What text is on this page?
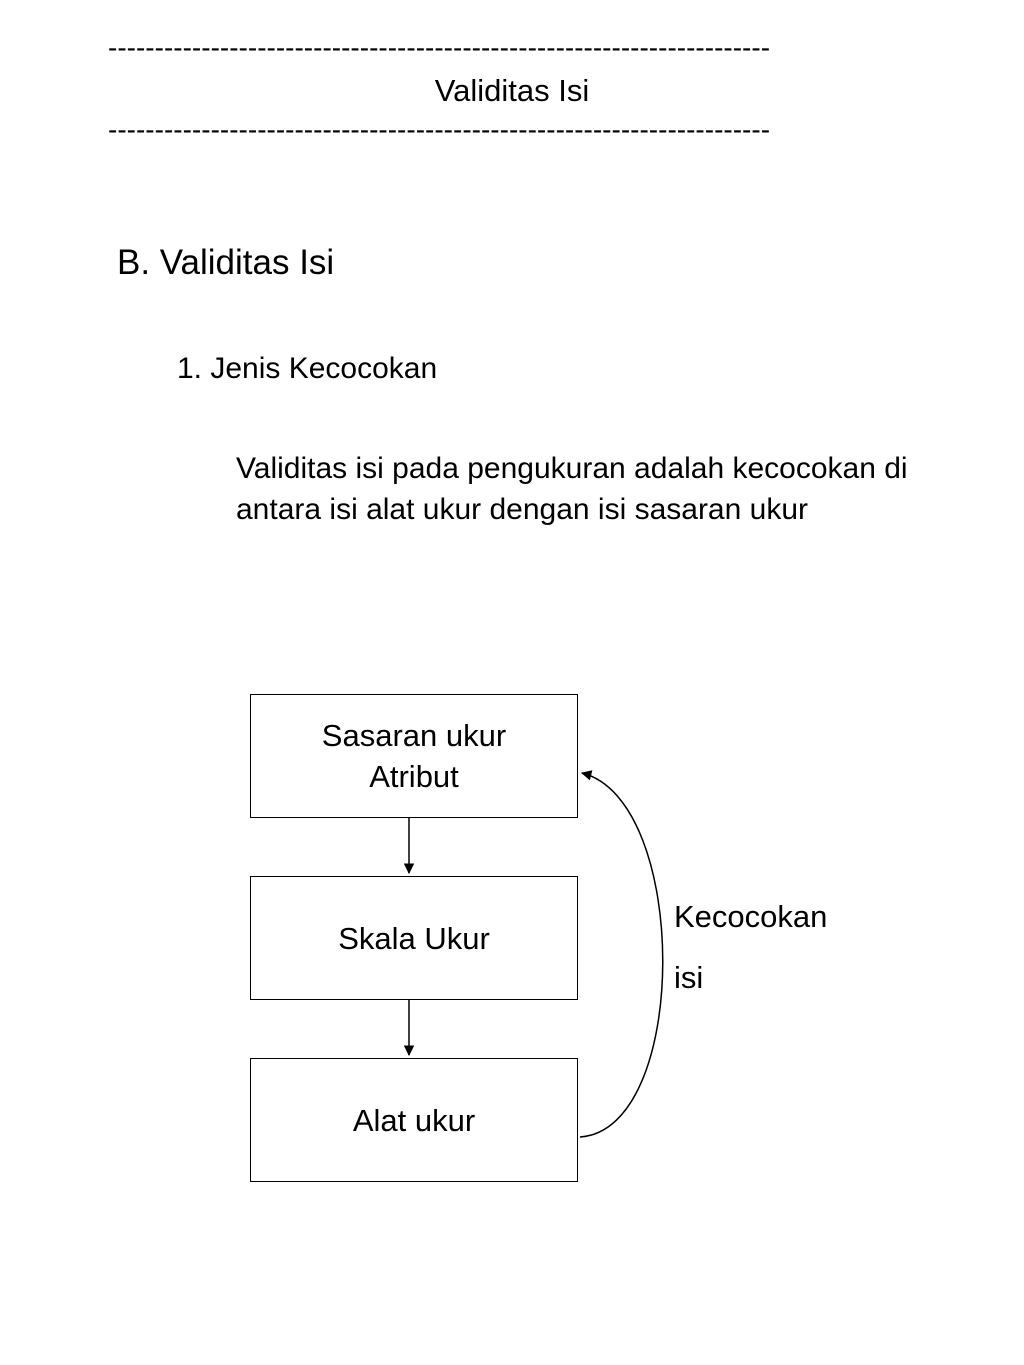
-----------------------------------------------------------------------
Validitas Isi
-----------------------------------------------------------------------
B. Validitas Isi
1. Jenis Kecocokan
Validitas isi pada pengukuran adalah kecocokan di antara isi alat ukur dengan isi sasaran ukur
Sasaran ukur
Atribut
Skala Ukur
Alat ukur
Kecocokan
isi
